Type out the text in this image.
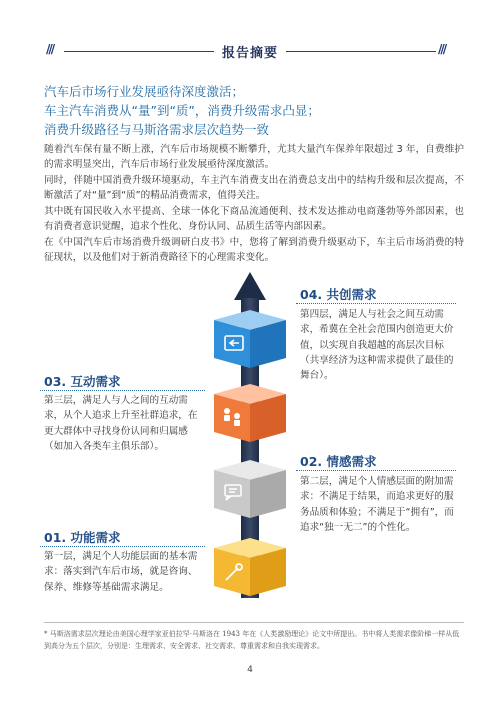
///	报告摘要	///
汽车后市场行业发展亟待深度激活；
车主汽车消费从“量”到“质”，消费升级需求凸显；
消费升级路径与马斯洛需求层次趋势一致
随着汽车保有量不断上涨，汽车后市场规模不断攀升，尤其大量汽车保养年限超过 3 年，自费维护的需求明显突出，汽车后市场行业发展亟待深度激活。
同时，伴随中国消费升级环境驱动，车主汽车消费支出在消费总支出中的结构升级和层次提高，不断激活了对“量”到“质”的精品消费需求，值得关注。
其中既有国民收入水平提高、全球一体化下商品流通便利、技术发达推动电商蓬勃等外部因素，也有消费者意识觉醒，追求个性化、身份认同、品质生活等内部因素。
在《中国汽车后市场消费升级调研白皮书》中，您将了解到消费升级驱动下，车主后市场消费的特征现状，以及他们对于新消费路径下的心理需求变化。
04. 共创需求
第四层，满足人与社会之间互动需求，希冀在全社会范围内创造更大价值，以实现自我超越的高层次目标（共享经济为这种需求提供了最佳的舞台）。
03. 互动需求
第三层，满足人与人之间的互动需求，从个人追求上升至社群追求，在更大群体中寻找身份认同和归属感（如加入各类车主俱乐部）。
02. 情感需求
第二层，满足个人情感层面的附加需求：不满足于结果，而追求更好的服务品质和体验；不满足于“拥有”，而追求“独一无二”的个性化。
01. 功能需求
第一层，满足个人功能层面的基本需求：落实到汽车后市场，就是咨询、保养、维修等基础需求满足。
* 马斯洛需求层次理论由美国心理学家亚伯拉罕·马斯洛在 1943 年在《人类激励理论》论文中所提出。书中将人类需求像阶梯一样从低到高分为五个层次，分别是：生理需求、安全需求、社交需求、尊重需求和自我实现需求。
4
